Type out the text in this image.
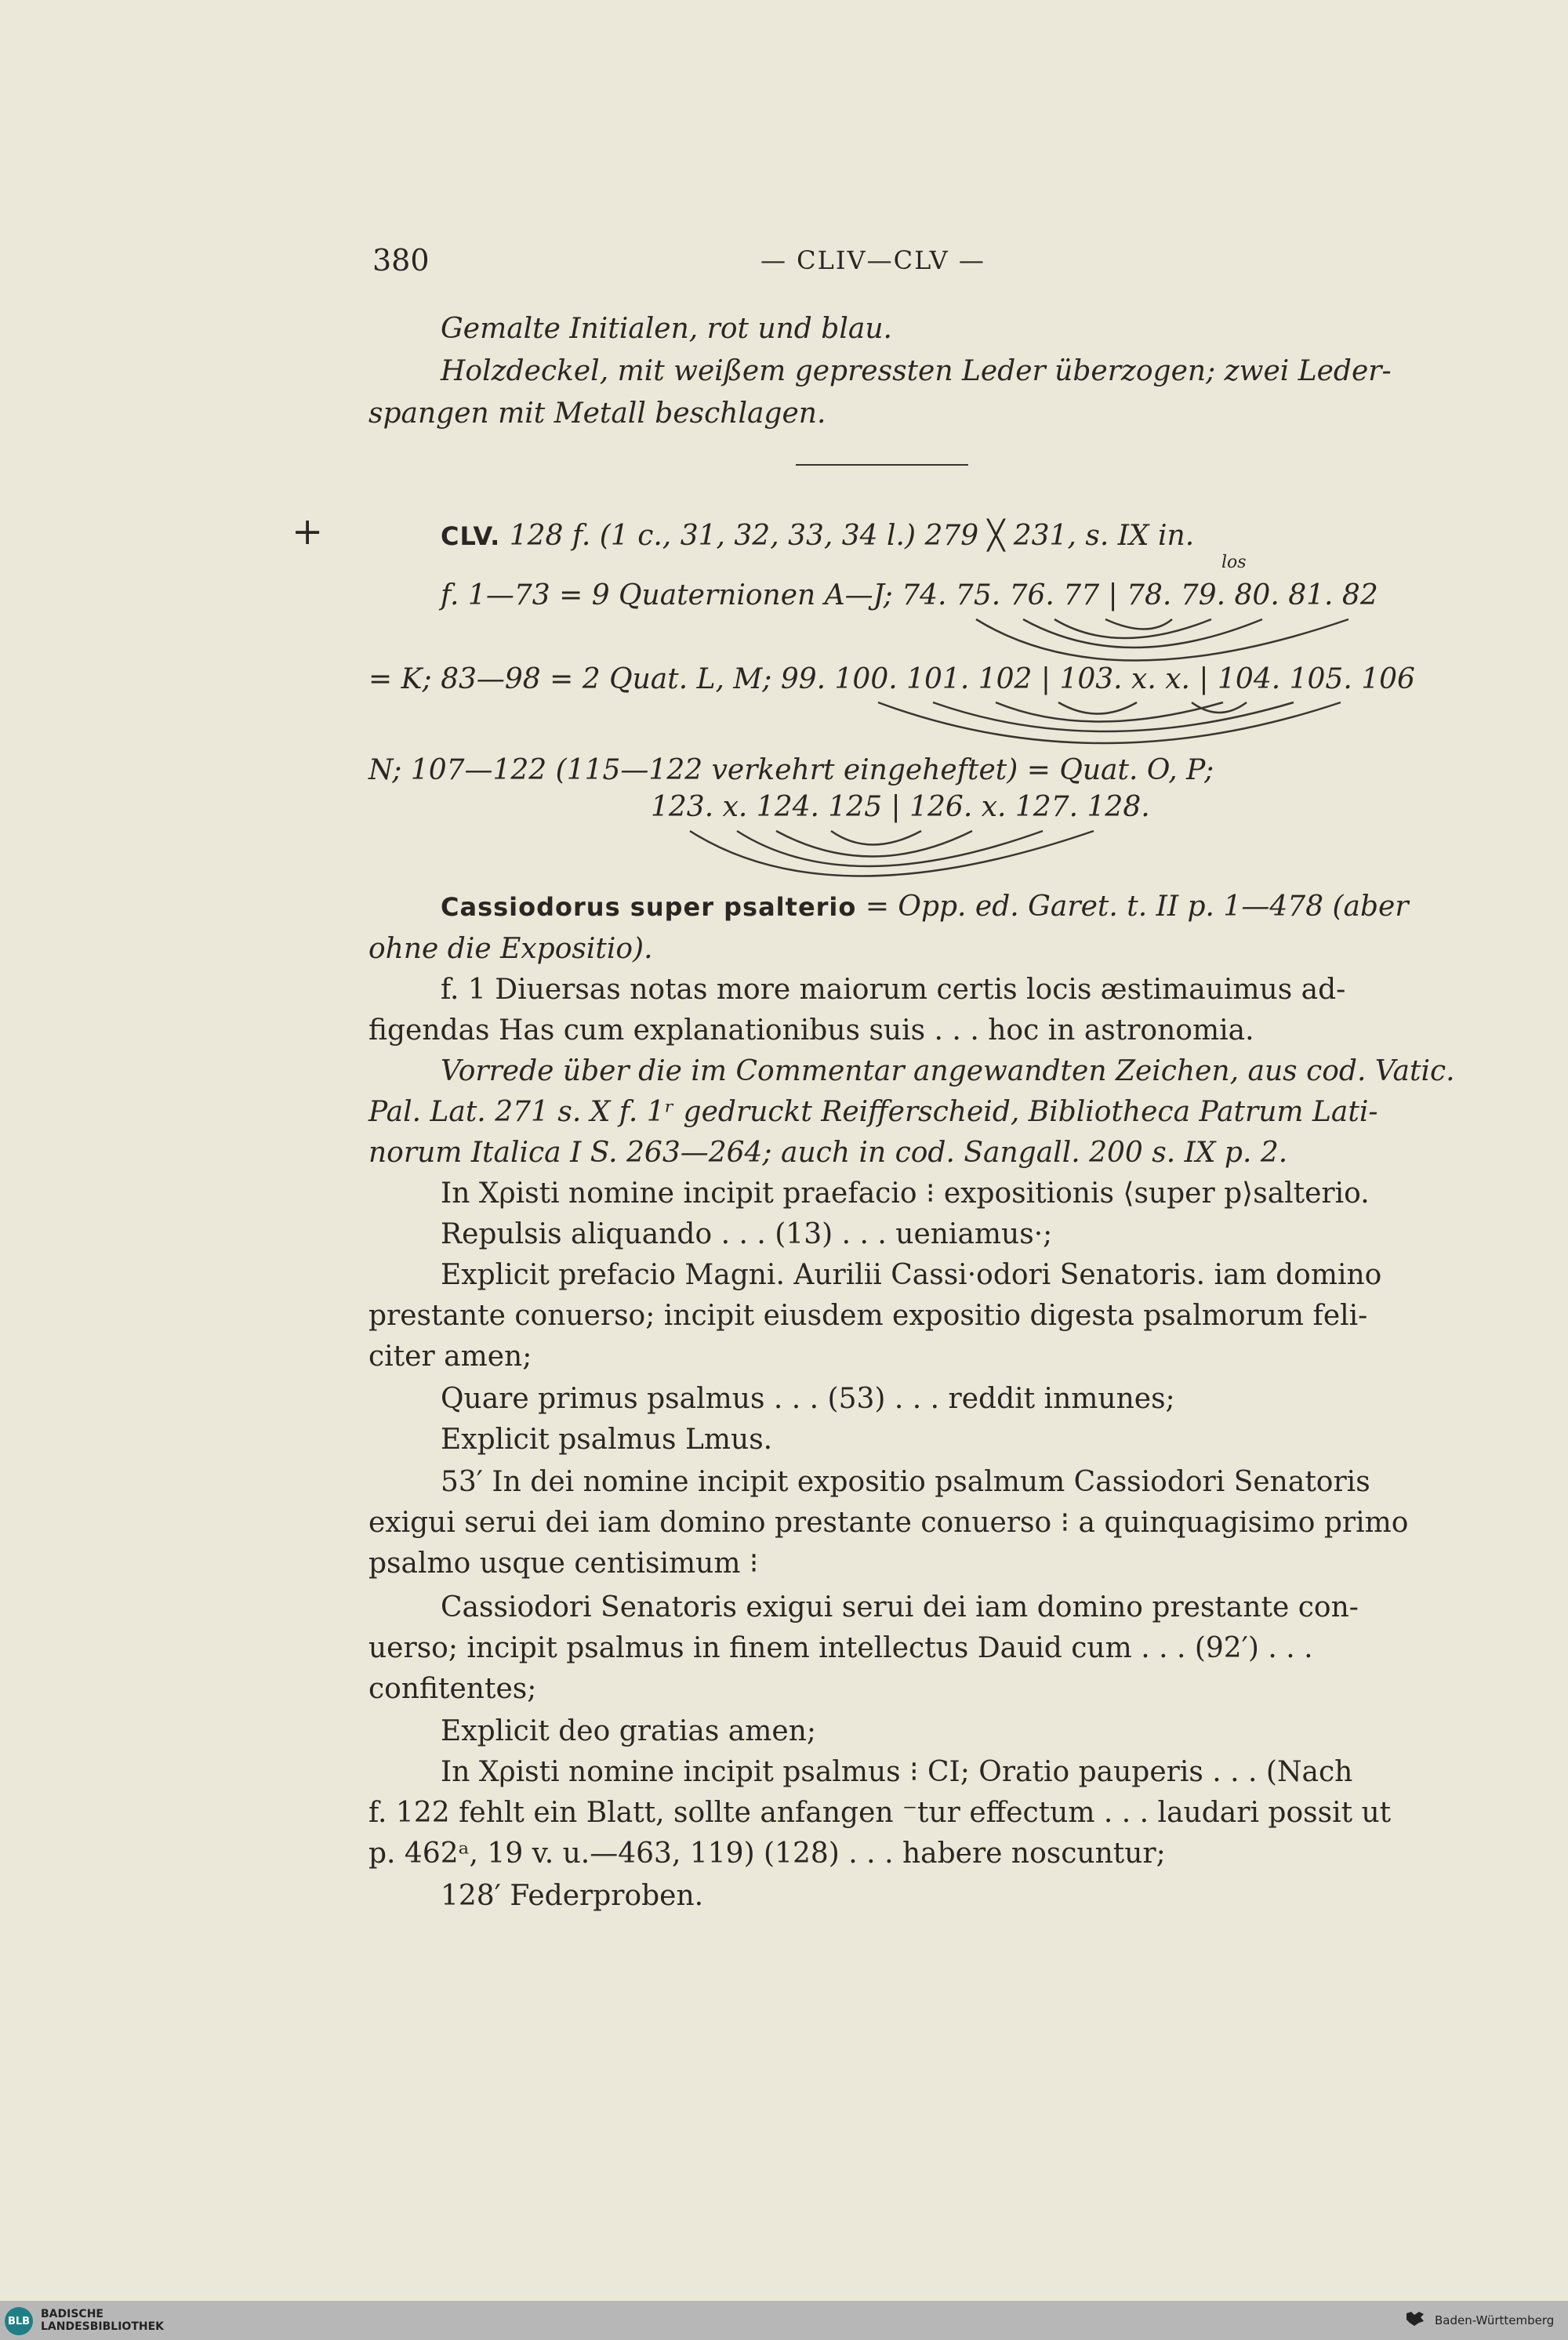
380	— CLIV—CLV —
+
Gemalte Initialen, rot und blau.
Holzdeckel, mit weißem gepressten Leder überzogen; zwei Leder-
spangen mit Metall beschlagen.
CLV. 128 f. (1 c., 31, 32, 33, 34 l.) 279 ╳ 231, s. IX in.
los
f. 1—73 = 9 Quaternionen A—J; 74. 75. 76. 77 | 78. 79. 80. 81. 82
= K; 83—98 = 2 Quat. L, M; 99. 100. 101. 102 | 103. x. x. | 104. 105. 106
N; 107—122 (115—122 verkehrt eingeheftet) = Quat. O, P;
123. x. 124. 125 | 126. x. 127. 128.
Cassiodorus super psalterio = Opp. ed. Garet. t. II p. 1—478 (aber
ohne die Expositio).
f. 1 Diuersas notas more maiorum certis locis æstimauimus ad-
figendas Has cum explanationibus suis . . . hoc in astronomia.
Vorrede über die im Commentar angewandten Zeichen, aus cod. Vatic.
Pal. Lat. 271 s. X f. 1ʳ gedruckt Reifferscheid, Bibliotheca Patrum Lati-
norum Italica I S. 263—264; auch in cod. Sangall. 200 s. IX p. 2.
In Xρisti nomine incipit praefacio ⁝ expositionis ⟨super p⟩salterio.
Repulsis aliquando . . . (13) . . . ueniamus·;
Explicit prefacio Magni. Aurilii Cassi·odori Senatoris. iam domino
prestante conuerso; incipit eiusdem expositio digesta psalmorum feli-
citer amen;
Quare primus psalmus . . . (53) . . . reddit inmunes;
Explicit psalmus Lmus.
53′ In dei nomine incipit expositio psalmum Cassiodori Senatoris
exigui serui dei iam domino prestante conuerso ⁝ a quinquagisimo primo
psalmo usque centisimum ⁝
Cassiodori Senatoris exigui serui dei iam domino prestante con-
uerso; incipit psalmus in finem intellectus Dauid cum . . . (92′) . . .
confitentes;
Explicit deo gratias amen;
In Xρisti nomine incipit psalmus ⁝ CI; Oratio pauperis . . . (Nach
f. 122 fehlt ein Blatt, sollte anfangen ⁻tur effectum . . . laudari possit ut
p. 462ᵃ, 19 v. u.—463, 119) (128) . . . habere noscuntur;
128′ Federproben.
BLB
BADISCHE
LANDESBIBLIOTHEK	Baden-Württemberg
